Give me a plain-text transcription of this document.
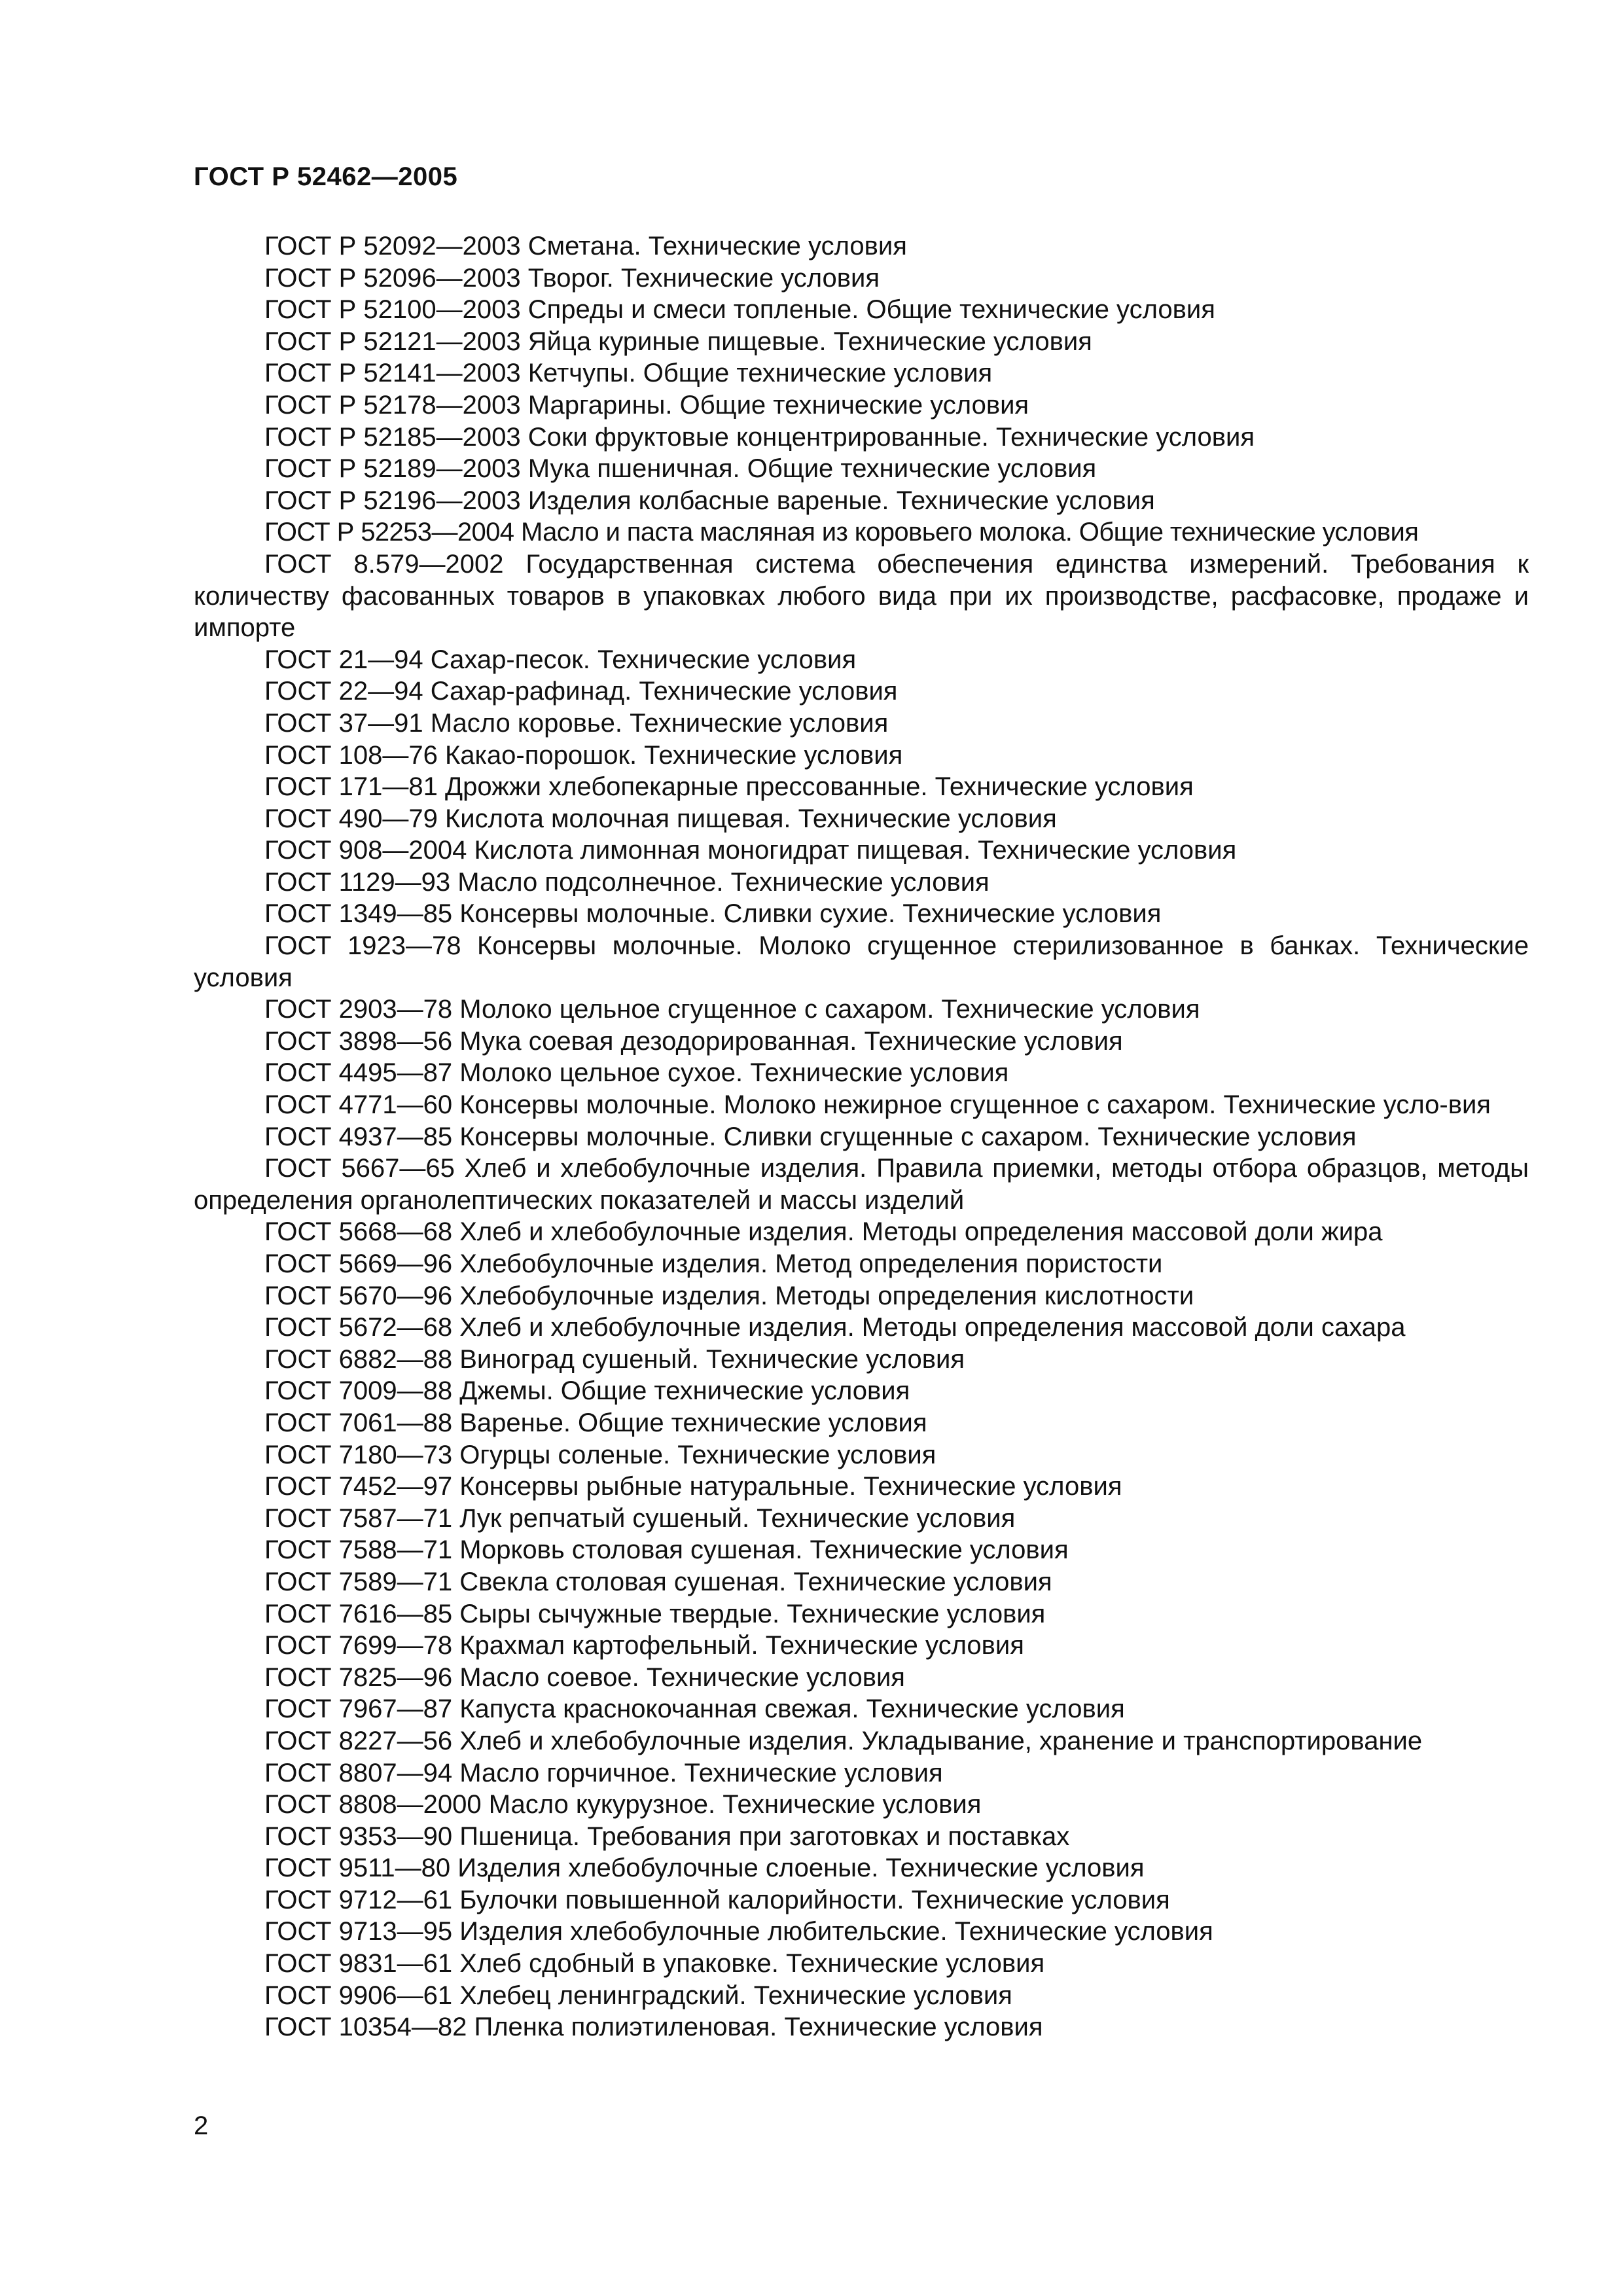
ГОСТ Р 52462—2005

ГОСТ Р 52092—2003 Сметана. Технические условия

ГОСТ Р 52096—2003 Творог. Технические условия

ГОСТ Р 52100—2003 Спреды и смеси топленые. Общие технические условия

ГОСТ Р 52121—2003 Яйца куриные пищевые. Технические условия

ГОСТ Р 52141—2003 Кетчупы. Общие технические условия

ГОСТ Р 52178—2003 Маргарины. Общие технические условия

ГОСТ Р 52185—2003 Соки фруктовые концентрированные. Технические условия

ГОСТ Р 52189—2003 Мука пшеничная. Общие технические условия

ГОСТ Р 52196—2003 Изделия колбасные вареные. Технические условия

ГОСТ Р 52253—2004 Масло и паста масляная из коровьего молока. Общие технические условия

ГОСТ 8.579—2002 Государственная система обеспечения единства измерений. Требования к количеству фасованных товаров в упаковках любого вида при их производстве, расфасовке, продаже и импорте

ГОСТ 21—94 Сахар-песок. Технические условия

ГОСТ 22—94 Сахар-рафинад. Технические условия

ГОСТ 37—91 Масло коровье. Технические условия

ГОСТ 108—76 Какао-порошок. Технические условия

ГОСТ 171—81 Дрожжи хлебопекарные прессованные. Технические условия

ГОСТ 490—79 Кислота молочная пищевая. Технические условия

ГОСТ 908—2004 Кислота лимонная моногидрат пищевая. Технические условия

ГОСТ 1129—93 Масло подсолнечное. Технические условия

ГОСТ 1349—85 Консервы молочные. Сливки сухие. Технические условия

ГОСТ 1923—78 Консервы молочные. Молоко сгущенное стерилизованное в банках. Технические условия

ГОСТ 2903—78 Молоко цельное сгущенное с сахаром. Технические условия

ГОСТ 3898—56 Мука соевая дезодорированная. Технические условия

ГОСТ 4495—87 Молоко цельное сухое. Технические условия

ГОСТ 4771—60 Консервы молочные. Молоко нежирное сгущенное с сахаром. Технические усло-вия

ГОСТ 4937—85 Консервы молочные. Сливки сгущенные с сахаром. Технические условия

ГОСТ 5667—65 Хлеб и хлебобулочные изделия. Правила приемки, методы отбора образцов, методы определения органолептических показателей и массы изделий

ГОСТ 5668—68 Хлеб и хлебобулочные изделия. Методы определения массовой доли жира

ГОСТ 5669—96 Хлебобулочные изделия. Метод определения пористости

ГОСТ 5670—96 Хлебобулочные изделия. Методы определения кислотности

ГОСТ 5672—68 Хлеб и хлебобулочные изделия. Методы определения массовой доли сахара

ГОСТ 6882—88 Виноград сушеный. Технические условия

ГОСТ 7009—88 Джемы. Общие технические условия

ГОСТ 7061—88 Варенье. Общие технические условия

ГОСТ 7180—73 Огурцы соленые. Технические условия

ГОСТ 7452—97 Консервы рыбные натуральные. Технические условия

ГОСТ 7587—71 Лук репчатый сушеный. Технические условия

ГОСТ 7588—71 Морковь столовая сушеная. Технические условия

ГОСТ 7589—71 Свекла столовая сушеная. Технические условия

ГОСТ 7616—85 Сыры сычужные твердые. Технические условия

ГОСТ 7699—78 Крахмал картофельный. Технические условия

ГОСТ 7825—96 Масло соевое. Технические условия

ГОСТ 7967—87 Капуста краснокочанная свежая. Технические условия

ГОСТ 8227—56 Хлеб и хлебобулочные изделия. Укладывание, хранение и транспортирование

ГОСТ 8807—94 Масло горчичное. Технические условия

ГОСТ 8808—2000 Масло кукурузное. Технические условия

ГОСТ 9353—90 Пшеница. Требования при заготовках и поставках

ГОСТ 9511—80 Изделия хлебобулочные слоеные. Технические условия

ГОСТ 9712—61 Булочки повышенной калорийности. Технические условия

ГОСТ 9713—95 Изделия хлебобулочные любительские. Технические условия

ГОСТ 9831—61 Хлеб сдобный в упаковке. Технические условия

ГОСТ 9906—61 Хлебец ленинградский. Технические условия

ГОСТ 10354—82 Пленка полиэтиленовая. Технические условия

2
